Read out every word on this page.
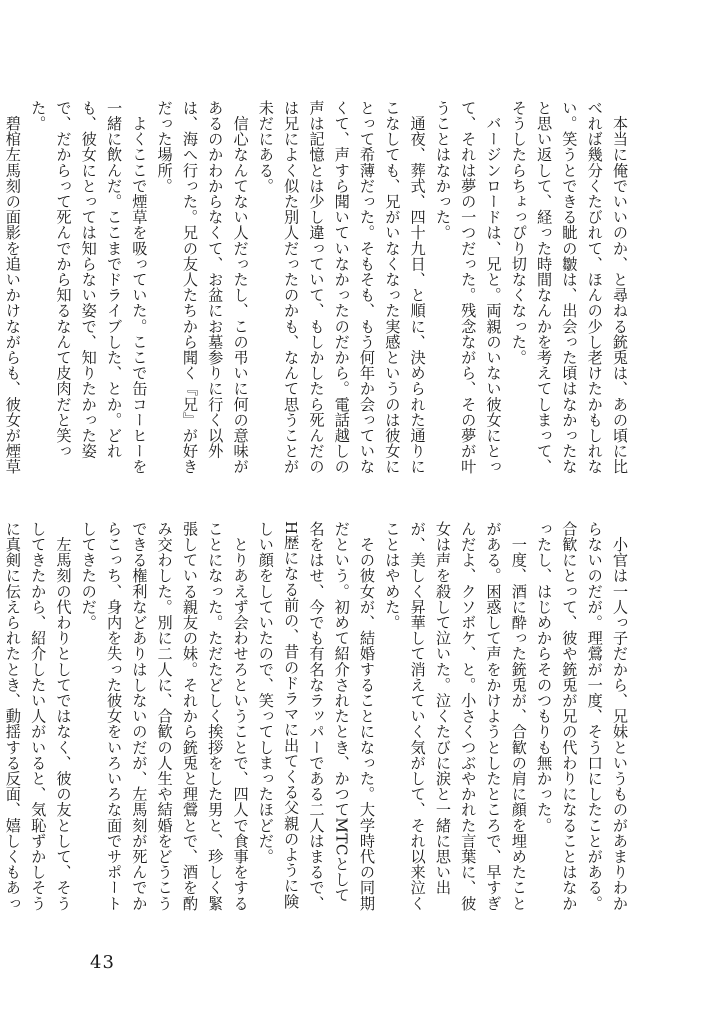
　本当に俺でいいのか、と尋ねる銃兎は、あの頃に比べれば幾分くたびれて、ほんの少し老けたかもしれない。笑うとできる眦の皺は、出会った頃はなかったなと思い返して、経った時間なんかを考えてしまって、そうしたらちょっぴり切なくなった。

　バージンロードは、兄と。両親のいない彼女にとって、それは夢の一つだった。残念ながら、その夢が叶うことはなかった。

　通夜、葬式、四十九日、と順に、決められた通りにこなしても、兄がいなくなった実感というのは彼女にとって希薄だった。そもそも、もう何年か会っていなくて、声すら聞いていなかったのだから。電話越しの声は記憶とは少し違っていて、もしかしたら死んだのは兄によく似た別人だったのかも、なんて思うことが未だにある。

　信心なんてない人だったし、この弔いに何の意味があるのかわからなくて、お盆にお墓参りに行く以外は、海へ行った。兄の友人たちから聞く『兄』が好きだった場所。

　よくここで煙草を吸っていた。ここで缶コーヒーを一緒に飲んだ。ここまでドライブした、とか。どれも、彼女にとっては知らない姿で、知りたかった姿で、だからって死んでから知るなんて皮肉だと笑った。

　碧棺左馬刻の面影を追いかけながらも、彼女が煙草

　小官は一人っ子だから、兄妹というものがあまりわからないのだが。理鶯が一度、そう口にしたことがある。合歓にとって、彼や銃兎が兄の代わりになることはなかったし、はじめからそのつもりも無かった。

　一度、酒に酔った銃兎が、合歓の肩に顔を埋めたことがある。困惑して声をかけようとしたところで、早すぎんだよ、クソボケ、と。小さくつぶやかれた言葉に、彼女は声を殺して泣いた。泣くたびに涙と一緒に思い出が、美しく昇華して消えていく気がして、それ以来泣くことはやめた。

　その彼女が、結婚することになった。大学時代の同期だという。初めて紹介されたとき、かつてMTCとして名をはせ、今でも有名なラッパーである二人はまるで、H歴になる前の、昔のドラマに出てくる父親のように険しい顔をしていたので、笑ってしまったほどだ。

　とりあえず会わせろということで、四人で食事をすることになった。ただたどしく挨拶をした男と、珍しく緊張している親友の妹。それから銃兎と理鶯とで、酒を酌み交わした。別に二人に、合歓の人生や結婚をどうこうできる権利などありはしないのだが、左馬刻が死んでからこっち、身内を失った彼女をいろいろな面でサポートしてきたのだ。

　左馬刻の代わりとしてではなく、彼の友として、そうしてきたから、紹介したい人がいると、気恥ずかしそうに真剣に伝えられたとき、動揺する反面、嬉しくもあっ

43
